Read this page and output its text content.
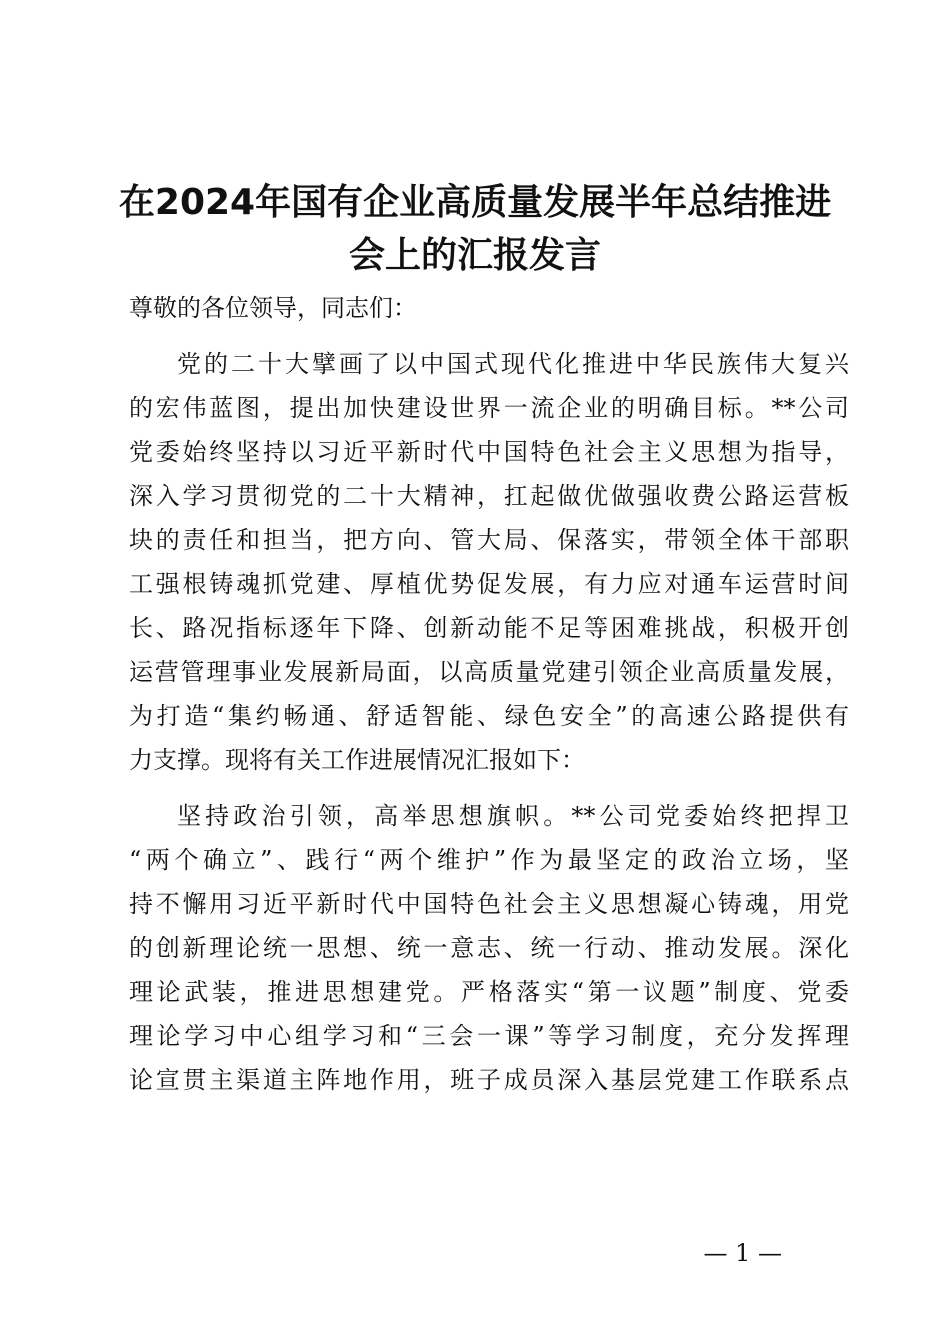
在2024年国有企业高质量发展半年总结推进
会上的汇报发言
尊敬的各位领导，同志们：
党的二十大擘画了以中国式现代化推进中华民族伟大复兴
的宏伟蓝图，提出加快建设世界一流企业的明确目标。**公司
党委始终坚持以习近平新时代中国特色社会主义思想为指导，
深入学习贯彻党的二十大精神，扛起做优做强收费公路运营板
块的责任和担当，把方向、管大局、保落实，带领全体干部职
工强根铸魂抓党建、厚植优势促发展，有力应对通车运营时间
长、路况指标逐年下降、创新动能不足等困难挑战，积极开创
运营管理事业发展新局面，以高质量党建引领企业高质量发展，
为打造“集约畅通、舒适智能、绿色安全”的高速公路提供有
力支撑。现将有关工作进展情况汇报如下：
坚持政治引领，高举思想旗帜。**公司党委始终把捍卫
“两个确立”、践行“两个维护”作为最坚定的政治立场，坚
持不懈用习近平新时代中国特色社会主义思想凝心铸魂，用党
的创新理论统一思想、统一意志、统一行动、推动发展。深化
理论武装，推进思想建党。严格落实“第一议题”制度、党委
理论学习中心组学习和“三会一课”等学习制度，充分发挥理
论宣贯主渠道主阵地作用，班子成员深入基层党建工作联系点
— 1 —
